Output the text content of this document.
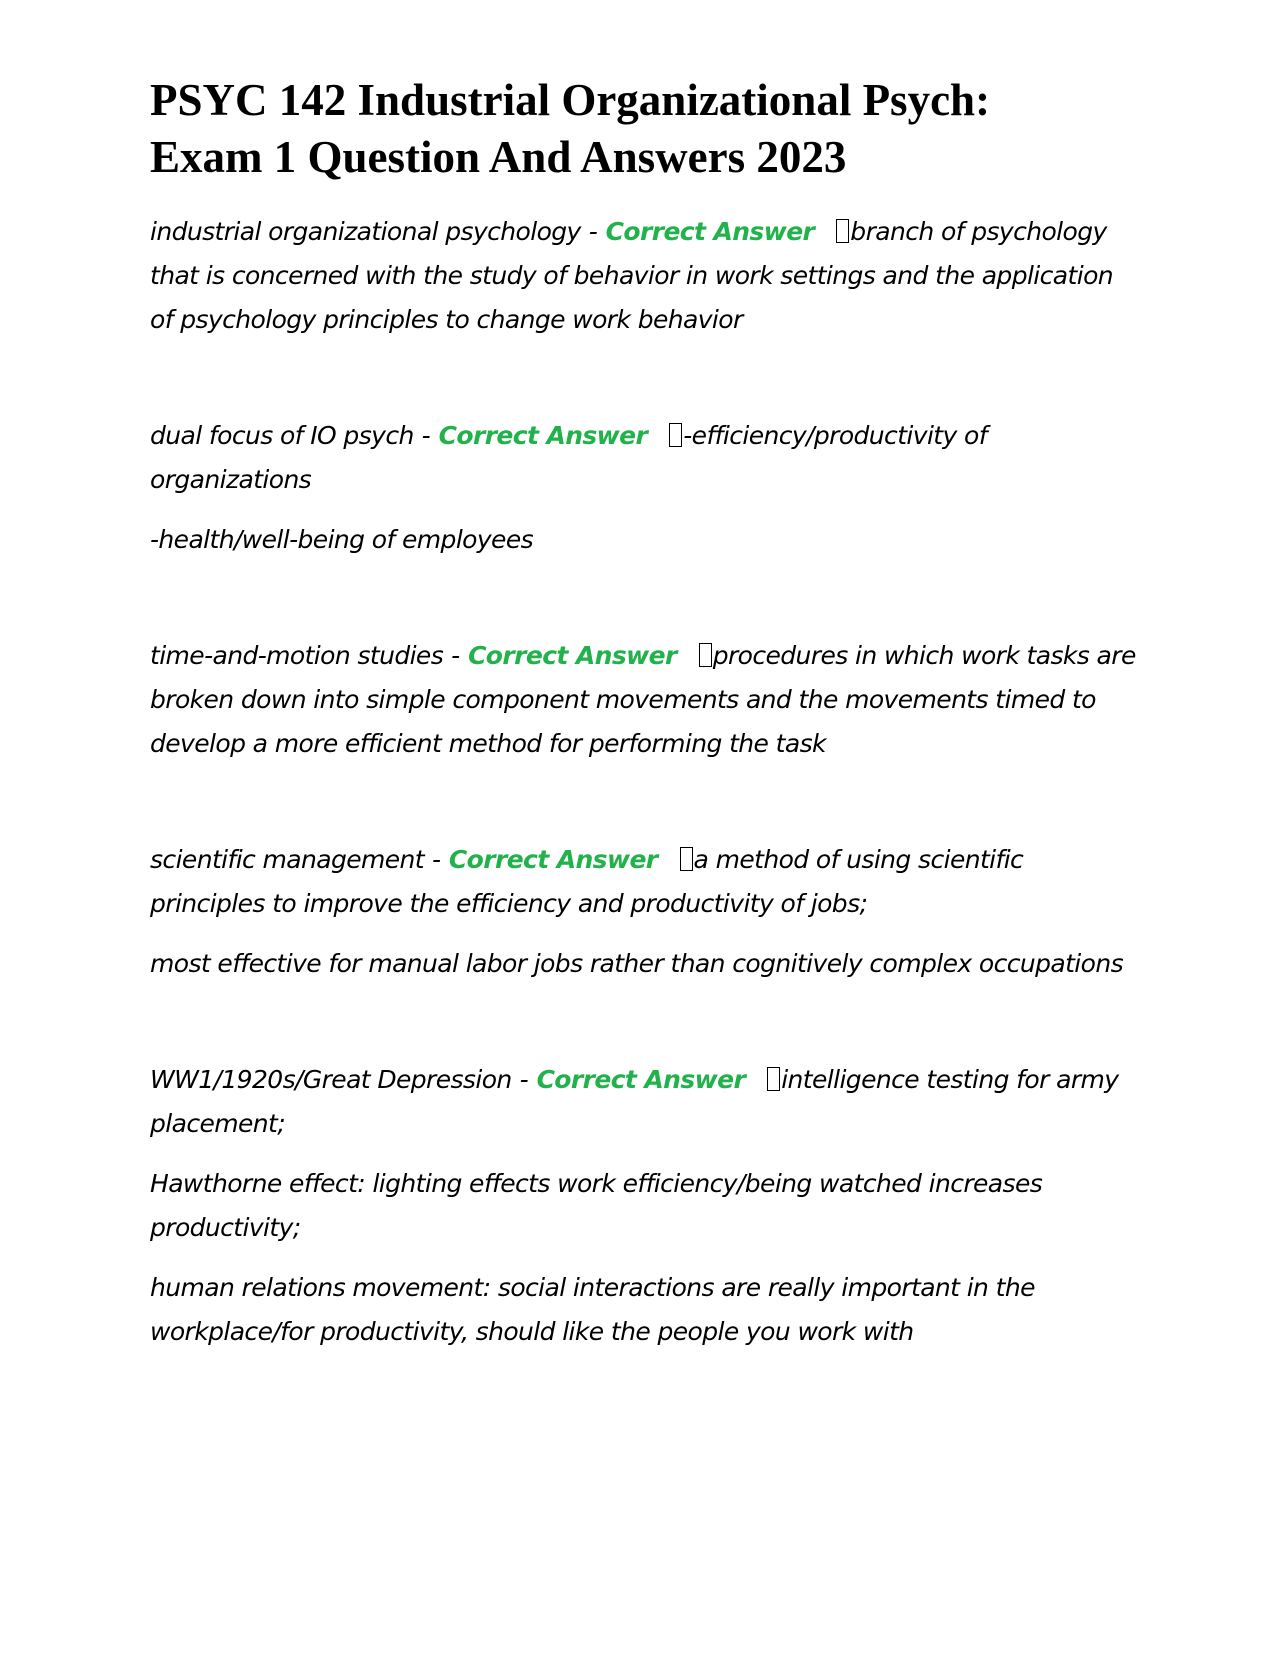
PSYC 142 Industrial Organizational Psych:
Exam 1 Question And Answers 2023

industrial organizational psychology - Correct Answer branch of psychology that is concerned with the study of behavior in work settings and the application of psychology principles to change work behavior

dual focus of IO psych - Correct Answer -efficiency/productivity of organizations

-health/well-being of employees

time-and-motion studies - Correct Answer procedures in which work tasks are broken down into simple component movements and the movements timed to develop a more efficient method for performing the task

scientific management - Correct Answer a method of using scientific principles to improve the efficiency and productivity of jobs;

most effective for manual labor jobs rather than cognitively complex occupations

WW1/1920s/Great Depression - Correct Answer intelligence testing for army placement;

Hawthorne effect: lighting effects work efficiency/being watched increases productivity;

human relations movement: social interactions are really important in the workplace/for productivity, should like the people you work with
